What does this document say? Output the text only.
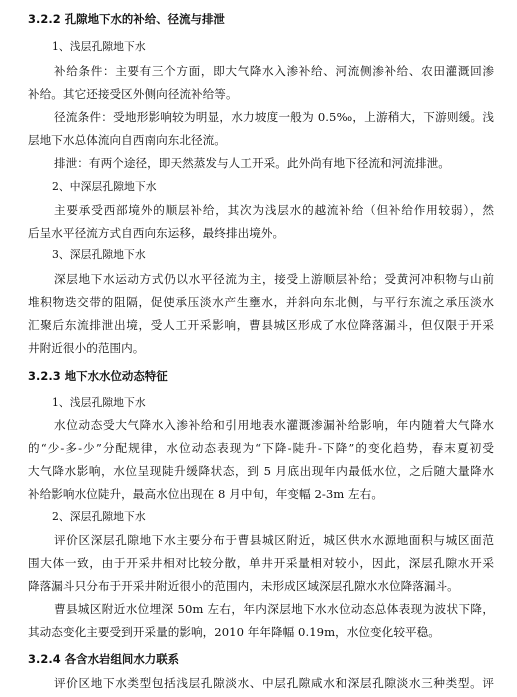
3.2.2 孔隙地下水的补给、径流与排泄
1、浅层孔隙地下水
补给条件：主要有三个方面，即大气降水入渗补给、河流侧渗补给、农田灌溉回渗
补给。其它还接受区外侧向径流补给等。
径流条件：受地形影响较为明显，水力坡度一般为 0.5‰，上游稍大，下游则缓。浅
层地下水总体流向自西南向东北径流。
排泄：有两个途径，即天然蒸发与人工开采。此外尚有地下径流和河流排泄。
2、中深层孔隙地下水
主要承受西部境外的顺层补给，其次为浅层水的越流补给（但补给作用较弱），然
后呈水平径流方式自西向东运移，最终排出境外。
3、深层孔隙地下水
深层地下水运动方式仍以水平径流为主，接受上游顺层补给；受黄河冲积物与山前
堆积物迭交带的阻隔，促使承压淡水产生壅水，并斜向东北侧，与平行东流之承压淡水
汇聚后东流排泄出境，受人工开采影响，曹县城区形成了水位降落漏斗，但仅限于开采
井附近很小的范围内。
3.2.3 地下水水位动态特征
1、浅层孔隙地下水
水位动态受大气降水入渗补给和引用地表水灌溉渗漏补给影响，年内随着大气降水
的“少-多-少”分配规律，水位动态表现为“下降-陡升-下降”的变化趋势，春末夏初受
大气降水影响，水位呈现陡升缓降状态，到 5 月底出现年内最低水位，之后随大量降水
补给影响水位陡升，最高水位出现在 8 月中旬，年变幅 2-3m 左右。
2、深层孔隙地下水
评价区深层孔隙地下水主要分布于曹县城区附近，城区供水水源地面积与城区面范
围大体一致，由于开采井相对比较分散，单井开采量相对较小，因此，深层孔隙水开采
降落漏斗只分布于开采井附近很小的范围内，未形成区域深层孔隙水水位降落漏斗。
曹县城区附近水位埋深 50m 左右，年内深层地下水水位动态总体表现为波状下降，
其动态变化主要受到开采量的影响，2010 年年降幅 0.19m，水位变化较平稳。
3.2.4 各含水岩组间水力联系
评价区地下水类型包括浅层孔隙淡水、中层孔隙咸水和深层孔隙淡水三种类型。评
